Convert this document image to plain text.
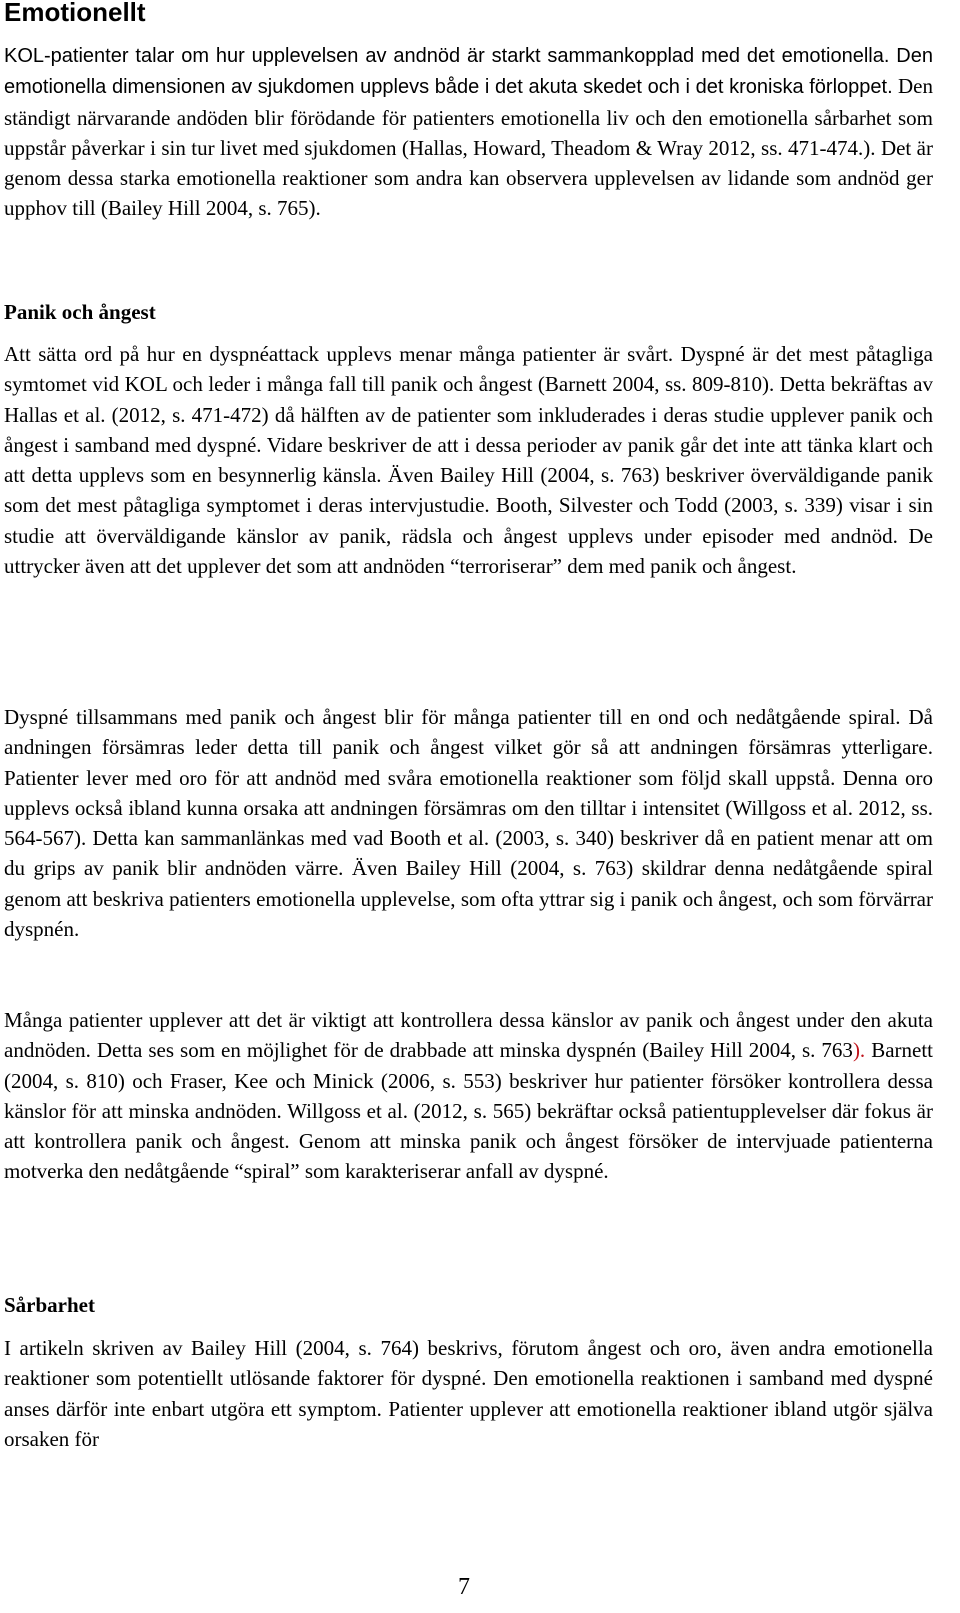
Emotionellt

KOL-patienter talar om hur upplevelsen av andnöd är starkt sammankopplad med det emotionella. Den emotionella dimensionen av sjukdomen upplevs både i det akuta skedet och i det kroniska förloppet. Den ständigt närvarande andöden blir förödande för patienters emotionella liv och den emotionella sårbarhet som uppstår påverkar i sin tur livet med sjukdomen (Hallas, Howard, Theadom & Wray 2012, ss. 471-474.). Det är genom dessa starka emotionella reaktioner som andra kan observera upplevelsen av lidande som andnöd ger upphov till (Bailey Hill 2004, s. 765).

Panik och ångest

Att sätta ord på hur en dyspnéattack upplevs menar många patienter är svårt. Dyspné är det mest påtagliga symtomet vid KOL och leder i många fall till panik och ångest (Barnett 2004, ss. 809-810). Detta bekräftas av Hallas et al. (2012, s. 471-472) då hälften av de patienter som inkluderades i deras studie upplever panik och ångest i samband med dyspné. Vidare beskriver de att i dessa perioder av panik går det inte att tänka klart och att detta upplevs som en besynnerlig känsla. Även Bailey Hill (2004, s. 763) beskriver överväldigande panik som det mest påtagliga symptomet i deras intervjustudie. Booth, Silvester och Todd (2003, s. 339) visar i sin studie att överväldigande känslor av panik, rädsla och ångest upplevs under episoder med andnöd. De uttrycker även att det upplever det som att andnöden “terroriserar” dem med panik och ångest.

Dyspné tillsammans med panik och ångest blir för många patienter till en ond och nedåtgående spiral. Då andningen försämras leder detta till panik och ångest vilket gör så att andningen försämras ytterligare. Patienter lever med oro för att andnöd med svåra emotionella reaktioner som följd skall uppstå. Denna oro upplevs också ibland kunna orsaka att andningen försämras om den tilltar i intensitet (Willgoss et al. 2012, ss. 564-567). Detta kan sammanlänkas med vad Booth et al. (2003, s. 340) beskriver då en patient menar att om du grips av panik blir andnöden värre. Även Bailey Hill (2004, s. 763) skildrar denna nedåtgående spiral genom att beskriva patienters emotionella upplevelse, som ofta yttrar sig i panik och ångest, och som förvärrar dyspnén.

Många patienter upplever att det är viktigt att kontrollera dessa känslor av panik och ångest under den akuta andnöden. Detta ses som en möjlighet för de drabbade att minska dyspnén (Bailey Hill 2004, s. 763). Barnett (2004, s. 810) och Fraser, Kee och Minick (2006, s. 553) beskriver hur patienter försöker kontrollera dessa känslor för att minska andnöden. Willgoss et al. (2012, s. 565) bekräftar också patientupplevelser där fokus är att kontrollera panik och ångest. Genom att minska panik och ångest försöker de intervjuade patienterna motverka den nedåtgående “spiral” som karakteriserar anfall av dyspné.

Sårbarhet

I artikeln skriven av Bailey Hill (2004, s. 764) beskrivs, förutom ångest och oro, även andra emotionella reaktioner som potentiellt utlösande faktorer för dyspné. Den emotionella reaktionen i samband med dyspné anses därför inte enbart utgöra ett symptom. Patienter upplever att emotionella reaktioner ibland utgör själva orsaken för

7
